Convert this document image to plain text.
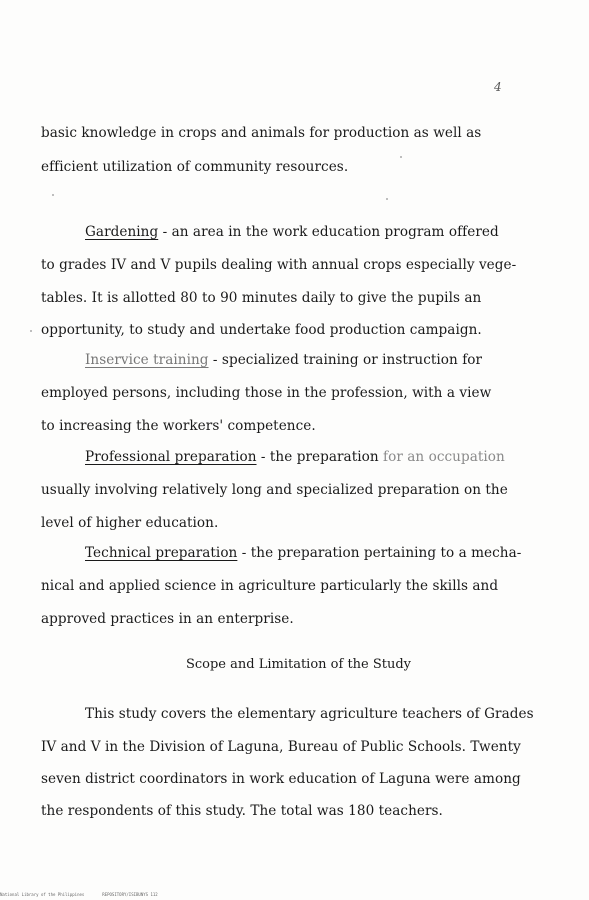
4
basic knowledge in crops and animals for production as well as
efficient utilization of community resources.
Gardening - an area in the work education program offered
to grades IV and V pupils dealing with annual crops especially vege-
tables. It is allotted 80 to 90 minutes daily to give the pupils an
opportunity, to study and undertake food production campaign.
Inservice training - specialized training or instruction for
employed persons, including those in the profession, with a view
to increasing the workers' competence.
Professional preparation - the preparation for an occupation
usually involving relatively long and specialized preparation on the
level of higher education.
Technical preparation - the preparation pertaining to a mecha-
nical and applied science in agriculture particularly the skills and
approved practices in an enterprise.
Scope and Limitation of the Study
This study covers the elementary agriculture teachers of Grades
IV and V in the Division of Laguna, Bureau of Public Schools. Twenty
seven district coordinators in work education of Laguna were among
the respondents of this study. The total was 180 teachers.
National Library of the Philippines	REPOSITORY/ISIBUNYS 112
